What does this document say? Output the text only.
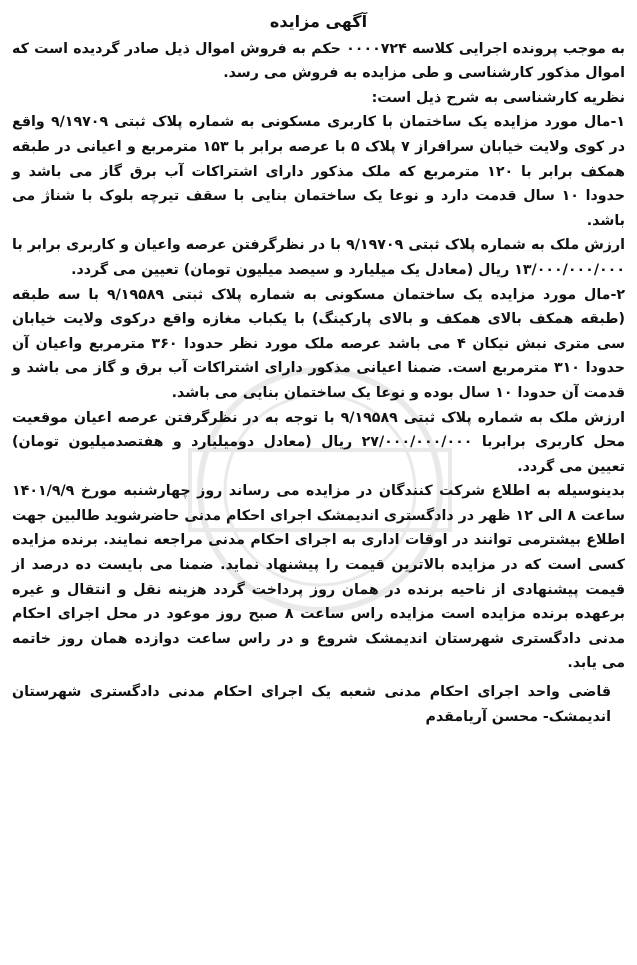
آگهی مزایده

به موجب پرونده اجرایی کلاسه ۰۰۰۰۷۲۴ حکم به فروش اموال ذیل صادر گردیده است که اموال مذکور کارشناسی و طی مزایده به فروش می رسد.

نظریه کارشناسی به شرح ذیل است:

۱-مال مورد مزایده یک ساختمان با کاربری مسکونی به شماره پلاک ثبتی ۹/۱۹۷۰۹ واقع در کوی ولایت خیابان سرافراز ۷ پلاک ۵ با عرصه برابر با ۱۵۳ مترمربع و اعیانی در طبقه همکف برابر با ۱۲۰ مترمربع که ملک مذکور دارای اشتراکات آب برق گاز می باشد و حدودا ۱۰ سال قدمت دارد و نوعا یک ساختمان بنایی با سقف تیرچه بلوک با شناژ می باشد.

ارزش ملک به شماره پلاک ثبتی ۹/۱۹۷۰۹ با در نظرگرفتن عرصه واعیان و کاربری برابر با ۱۳/۰۰۰/۰۰۰/۰۰۰ ریال (معادل یک میلیارد و سیصد میلیون تومان) تعیین می گردد.

۲-مال مورد مزایده یک ساختمان مسکونی به شماره پلاک ثبتی ۹/۱۹۵۸۹ با سه طبقه (طبقه همکف بالای همکف و بالای پارکینگ) با یکباب مغازه واقع درکوی ولایت خیابان سی متری نبش نیکان ۴ می باشد عرصه ملک مورد نظر حدودا ۳۶۰ مترمربع واعیان آن حدودا ۳۱۰ مترمربع است. ضمنا اعیانی مذکور دارای اشتراکات آب برق و گاز می باشد و قدمت آن حدودا ۱۰ سال بوده و نوعا یک ساختمان بنایی می باشد.

ارزش ملک به شماره پلاک ثبتی ۹/۱۹۵۸۹ با توجه به در نظرگرفتن عرصه اعیان موقعیت محل کاربری برابربا ۲۷/۰۰۰/۰۰۰/۰۰۰ ریال (معادل دومیلیارد و هفتصدمیلیون تومان) تعیین می گردد.

بدینوسیله به اطلاع شرکت کنندگان در مزایده می رساند روز چهارشنبه مورخ ۱۴۰۱/۹/۹ ساعت ۸ الی ۱۲ ظهر در دادگستری اندیمشک اجرای احکام مدنی حاضرشوید طالبین جهت اطلاع بیشترمی توانند در اوقات اداری به اجرای احکام مدنی مراجعه نمایند. برنده مزایده کسی است که در مزایده بالاترین قیمت را پیشنهاد نماید. ضمنا می بایست ده درصد از قیمت پیشنهادی از ناحیه برنده در همان روز پرداخت گردد هزینه نقل و انتقال و غیره برعهده برنده مزایده است مزایده راس ساعت ۸ صبح روز موعود در محل اجرای احکام مدنی دادگستری شهرستان اندیمشک شروع و در راس ساعت دوازده همان روز خاتمه می یابد.

قاضی واحد اجرای احکام مدنی شعبه یک اجرای احکام مدنی دادگستری شهرستان اندیمشک- محسن آریامقدم
